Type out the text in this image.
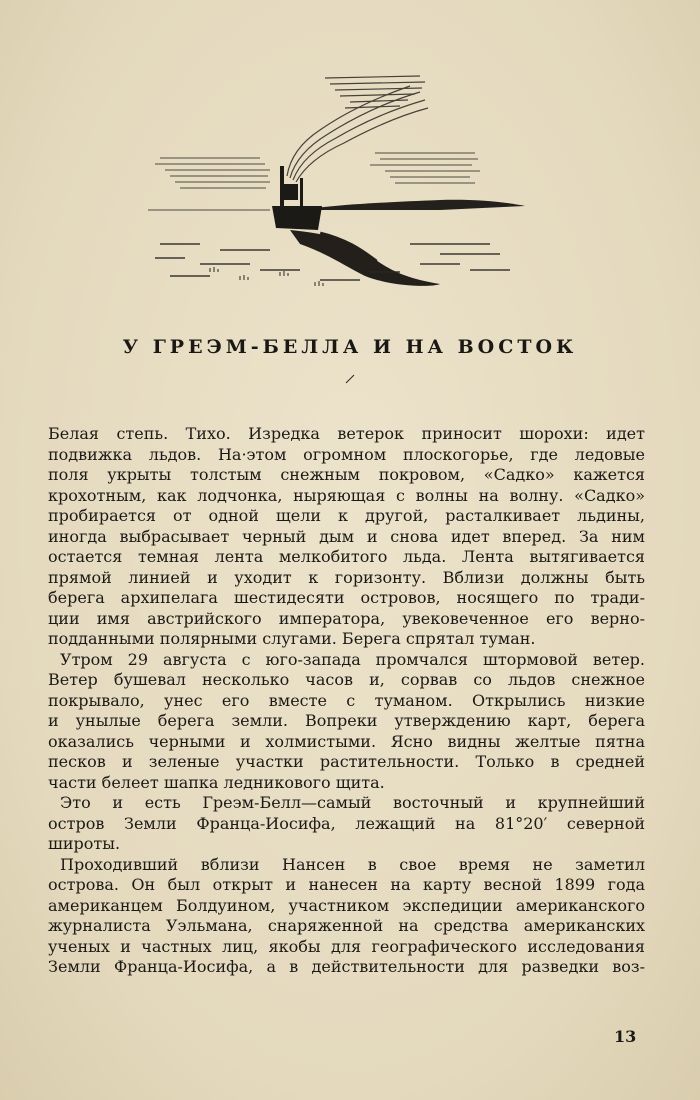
У ГРЕЭМ-БЕЛЛА И НА ВОСТОК

Белая степь. Тихо. Изредка ветерок приносит шорохи: идет
подвижка льдов. На·этом огромном плоскогорье, где ледовые
поля укрыты толстым снежным покровом, «Садко» кажется
крохотным, как лодчонка, ныряющая с волны на волну. «Садко»
пробирается от одной щели к другой, расталкивает льдины,
иногда выбрасывает черный дым и снова идет вперед. За ним
остается темная лента мелкобитого льда. Лента вытягивается
прямой линией и уходит к горизонту. Вблизи должны быть
берега архипелага шестидесяти островов, носящего по тради-
ции имя австрийского императора, увековеченное его верно-
подданными полярными слугами. Берега спрятал туман.

Утром 29 августа с юго-запада промчался штормовой ветер.
Ветер бушевал несколько часов и, сорвав со льдов снежное
покрывало, унес его вместе с туманом. Открылись низкие
и унылые берега земли. Вопреки утверждению карт, берега
оказались черными и холмистыми. Ясно видны желтые пятна
песков и зеленые участки растительности. Только в средней
части белеет шапка ледникового щита.

Это и есть Греэм-Белл—самый восточный и крупнейший
остров Земли Франца-Иосифа, лежащий на 81°20′ северной
широты.

Проходивший вблизи Нансен в свое время не заметил
острова. Он был открыт и нанесен на карту весной 1899 года
американцем Болдуином, участником экспедиции американского
журналиста Уэльмана, снаряженной на средства американских
ученых и частных лиц, якобы для географического исследования
Земли Франца-Иосифа, а в действительности для разведки воз-

13
